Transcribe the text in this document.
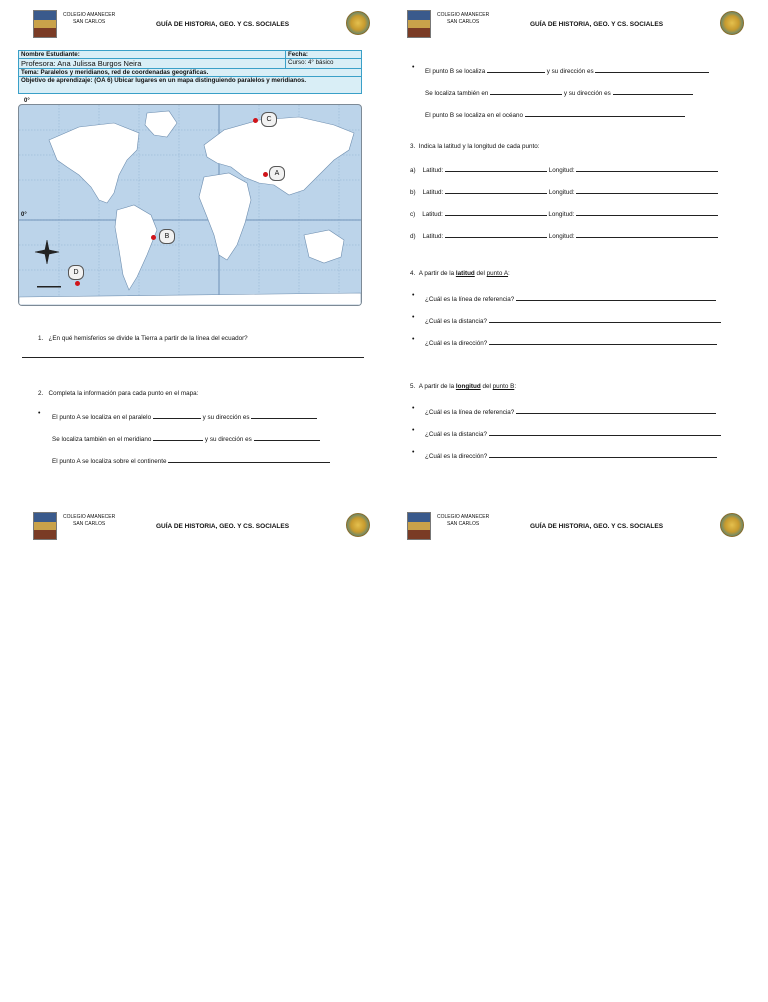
COLEGIO AMANECER
SAN CARLOS	GUÍA DE HISTORIA, GEO. Y CS. SOCIALES
COLEGIO AMANECER
SAN CARLOS	GUÍA DE HISTORIA, GEO. Y CS. SOCIALES
COLEGIO AMANECER
SAN CARLOS	GUÍA DE HISTORIA, GEO. Y CS. SOCIALES
COLEGIO AMANECER
SAN CARLOS	GUÍA DE HISTORIA, GEO. Y CS. SOCIALES
Nombre Estudiante:	Fecha:
Profesora: Ana Julissa Burgos Neira	Curso: 4° básico
Tema: Paralelos y meridianos, red de coordenadas geográficas.	
Objetivo de aprendizaje: (OA 6) Ubicar lugares en un mapa distinguiendo paralelos y meridianos.	
0°
0°
A
B
C
D
1. ¿En qué hemisferios se divide la Tierra a partir de la línea del ecuador?
2. Completa la información para cada punto en el mapa:
•
El punto A se localiza en el paralelo	y su dirección es
Se localiza también en el meridiano	y su dirección es
El punto A se localiza sobre el continente
•
El punto B se localiza	y su dirección es
Se localiza también en	y su dirección es
El punto B se localiza en el océano
3. Indica la latitud y la longitud de cada punto:
a) Latitud:	Longitud:
b) Latitud:	Longitud:
c) Latitud:	Longitud:
d) Latitud:	Longitud:
4. A partir de la latitud del punto A:
•
¿Cuál es la línea de referencia?
•
¿Cuál es la distancia?
•
¿Cuál es la dirección?
5. A partir de la longitud del punto B:
•
¿Cuál es la línea de referencia?
•
¿Cuál es la distancia?
•
¿Cuál es la dirección?
